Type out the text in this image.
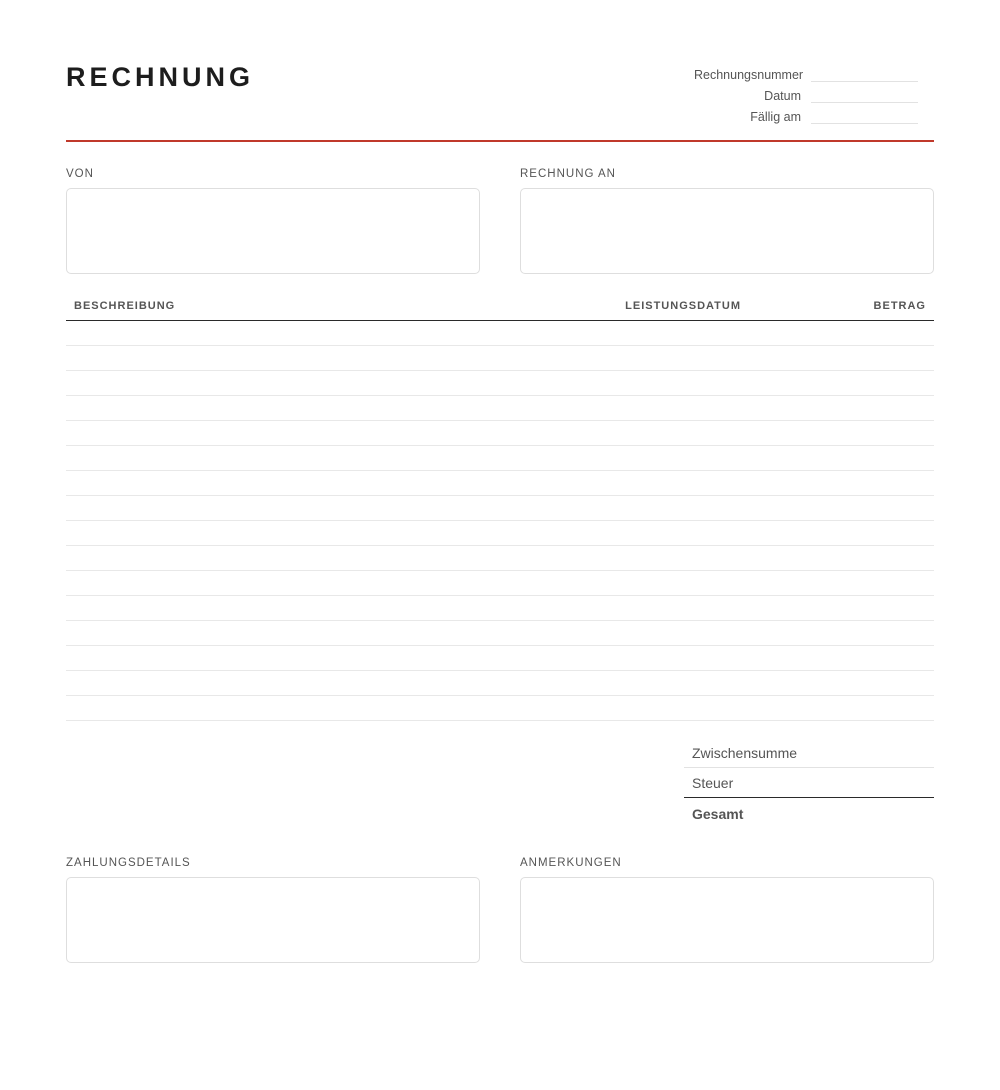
RECHNUNG	Rechnungsnummer
Datum
Fällig am
VON	RECHNUNG AN
BESCHREIBUNG	LEISTUNGSDATUM	BETRAG
Zwischensumme
Steuer
Gesamt
ZAHLUNGSDETAILS	ANMERKUNGEN
